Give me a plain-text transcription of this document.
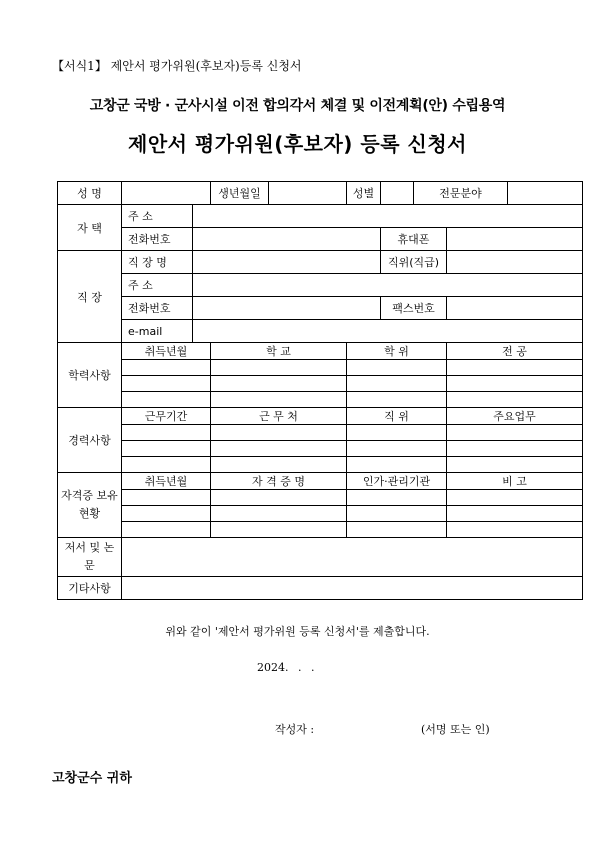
【서식1】 제안서 평가위원(후보자)등록 신청서
고창군 국방 · 군사시설 이전 합의각서 체결 및 이전계획(안) 수립용역
제안서 평가위원(후보자) 등록 신청서
성 명			생년월일		성별		전문분야		
자 택	주 소								
	전화번호					휴대폰			
직 장	직 장 명					직위(직급)			
	주 소								
	전화번호					팩스번호			
	e-mail								
학력사항	취득년월		학 교		학 위			전 공	

경력사항	근무기간		근 무 처		직 위			주요업무	

자격증 보유현황	취득년월		자 격 증 명		인가·관리기관			비 고	

저서 및 논문									
기타사항									
위와 같이 '제안서 평가위원 등록 신청서'를 제출합니다.
2024. . .
작성자 :	(서명 또는 인)
고창군수 귀하
